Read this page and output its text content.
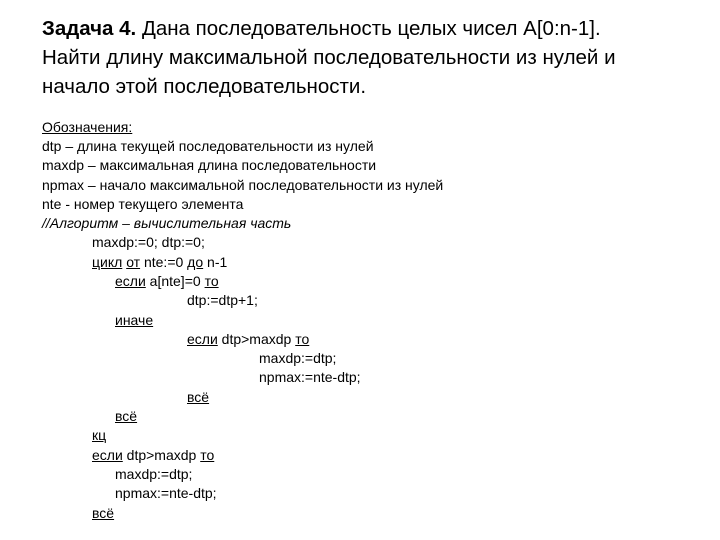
Задача 4. Дана последовательность целых чисел A[0:n-1].
Найти длину максимальной последовательности из нулей и
начало этой последовательности.
Обозначения:
dtp – длина текущей последовательности из нулей
maxdp – максимальная длина последовательности
npmax – начало максимальной последовательности из нулей
nte - номер текущего элемента
//Алгоритм – вычислительная часть
maxdp:=0; dtp:=0;
цикл от nte:=0 до n-1
если a[nte]=0 то
dtp:=dtp+1;
иначе
если dtp>maxdp то
maxdp:=dtp;
npmax:=nte-dtp;
всё
всё
кц
если dtp>maxdp то
maxdp:=dtp;
npmax:=nte-dtp;
всё
